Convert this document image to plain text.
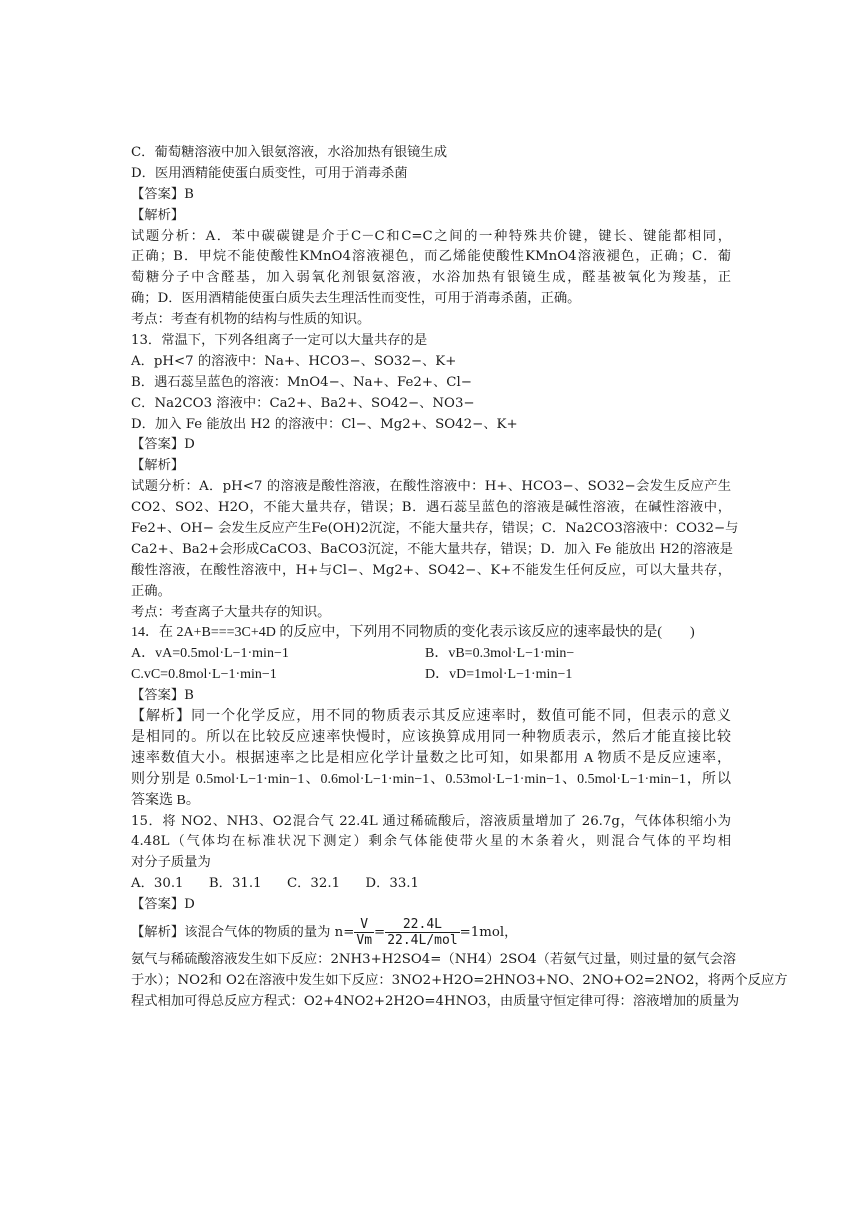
C．葡萄糖溶液中加入银氨溶液，水浴加热有银镜生成
D．医用酒精能使蛋白质变性，可用于消毒杀菌
【答案】B
【解析】
试题分析：A．苯中碳碳键是介于C－C和C=C之间的一种特殊共价键，键长、键能都相同，
正确；B．甲烷不能使酸性KMnO4溶液褪色，而乙烯能使酸性KMnO4溶液褪色，正确；C．葡
萄糖分子中含醛基，加入弱氧化剂银氨溶液，水浴加热有银镜生成，醛基被氧化为羧基，正
确；D．医用酒精能使蛋白质失去生理活性而变性，可用于消毒杀菌，正确。
考点：考查有机物的结构与性质的知识。
13．常温下，下列各组离子一定可以大量共存的是
A．pH<7 的溶液中：Na+、HCO3−、SO32−、K+
B．遇石蕊呈蓝色的溶液：MnO4−、Na+、Fe2+、Cl−
C．Na2CO3 溶液中：Ca2+、Ba2+、SO42−、NO3−
D．加入 Fe 能放出 H2 的溶液中：Cl−、Mg2+、SO42−、K+
【答案】D
【解析】
试题分析：A．pH<7 的溶液是酸性溶液，在酸性溶液中：H+、HCO3−、SO32−会发生反应产生
CO2、SO2、H2O，不能大量共存，错误；B．遇石蕊呈蓝色的溶液是碱性溶液，在碱性溶液中，
Fe2+、OH− 会发生反应产生Fe(OH)2沉淀，不能大量共存，错误；C．Na2CO3溶液中：CO32−与
Ca2+、Ba2+会形成CaCO3、BaCO3沉淀，不能大量共存，错误；D．加入 Fe 能放出 H2的溶液是
酸性溶液，在酸性溶液中，H+与Cl−、Mg2+、SO42−、K+不能发生任何反应，可以大量共存，
正确。
考点：考查离子大量共存的知识。
14．在 2A+B===3C+4D 的反应中，下列用不同物质的变化表示该反应的速率最快的是(　　)
A．vA=0.5mol·L−1·min−1	B．vB=0.3mol·L−1·min−
C.vC=0.8mol·L−1·min−1	D．vD=1mol·L−1·min−1
【答案】B
【解析】同一个化学反应，用不同的物质表示其反应速率时，数值可能不同，但表示的意义
是相同的。所以在比较反应速率快慢时，应该换算成用同一种物质表示，然后才能直接比较
速率数值大小。根据速率之比是相应化学计量数之比可知，如果都用 A 物质不是反应速率，
则分别是 0.5mol·L−1·min−1、0.6mol·L−1·min−1、0.53mol·L−1·min−1、0.5mol·L−1·min−1，所以
答案选 B。
15．将 NO2、NH3、O2混合气 22.4L 通过稀硫酸后，溶液质量增加了 26.7g，气体体积缩小为
4.48L（气体均在标准状况下测定）剩余气体能使带火星的木条着火，则混合气体的平均相
对分子质量为
A．30.1 B．31.1 C．32.1 D．33.1
【答案】D
【解析】该混合气体的物质的量为 $n= \frac{V}{Vm} = \frac{22.4L}{\text{22.4L/mol}} =1mol$，
氨气与稀硫酸溶液发生如下反应：2NH3+H2SO4=（NH4）2SO4（若氨气过量，则过量的氨气会溶
于水）；NO2和 O2在溶液中发生如下反应：3NO2+H2O=2HNO3+NO、2NO+O2=2NO2，将两个反应方
程式相加可得总反应方程式：O2+4NO2+2H2O=4HNO3，由质量守恒定律可得：溶液增加的质量为
